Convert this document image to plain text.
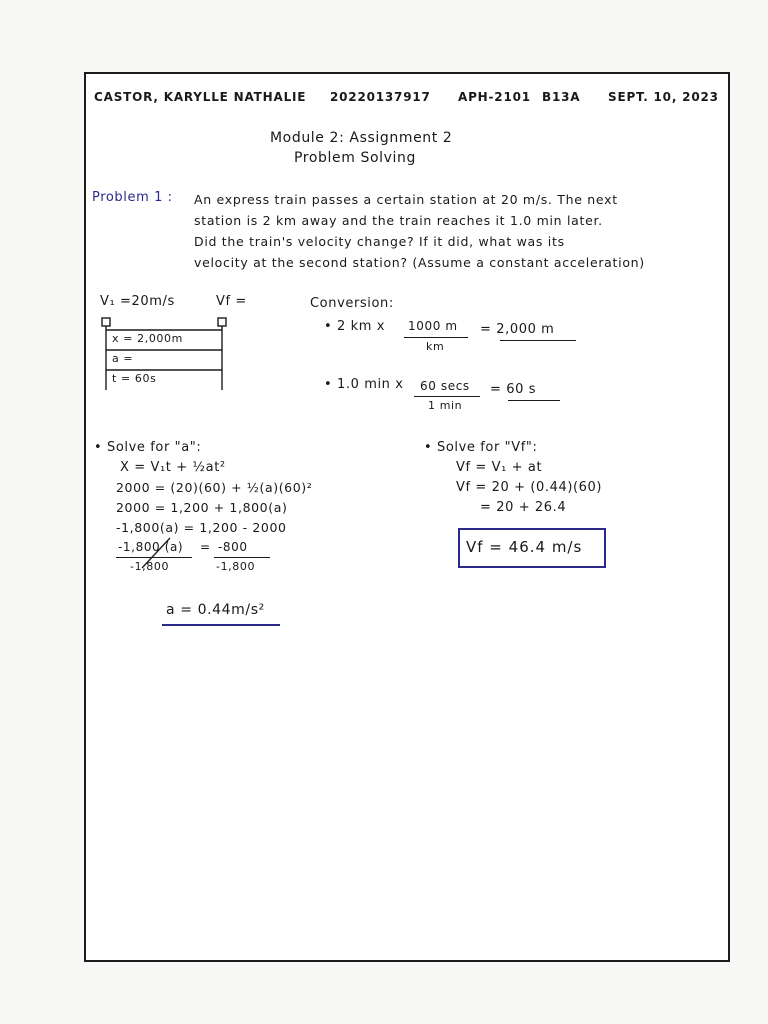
CASTOR, KARYLLE NATHALIE 20220137917 APH-2101 B13A SEPT. 10, 2023
Module 2: Assignment 2
Problem Solving
Problem 1 : An express train passes a certain station at 20 m/s. The next
station is 2 km away and the train reaches it 1.0 min later.
Did the train's velocity change? If it did, what was its
velocity at the second station? (Assume a constant acceleration)
V₁ =20m/s	Vf =
x = 2,000m
a =
t = 60s
Conversion:
• 2 km x 1000 m
km
= 2,000 m
• 1.0 min x 60 secs
1 min
= 60 s
• Solve for "a":
X = V₁t + ½at²
2000 = (20)(60) + ½(a)(60)²
2000 = 1,200 + 1,800(a)
-1,800(a) = 1,200 - 2000
-1,800 (a) = -800
-1,800	-1,800
a = 0.44m/s²
• Solve for "Vf":
Vf = V₁ + at
Vf = 20 + (0.44)(60)
= 20 + 26.4
Vf = 46.4 m/s
